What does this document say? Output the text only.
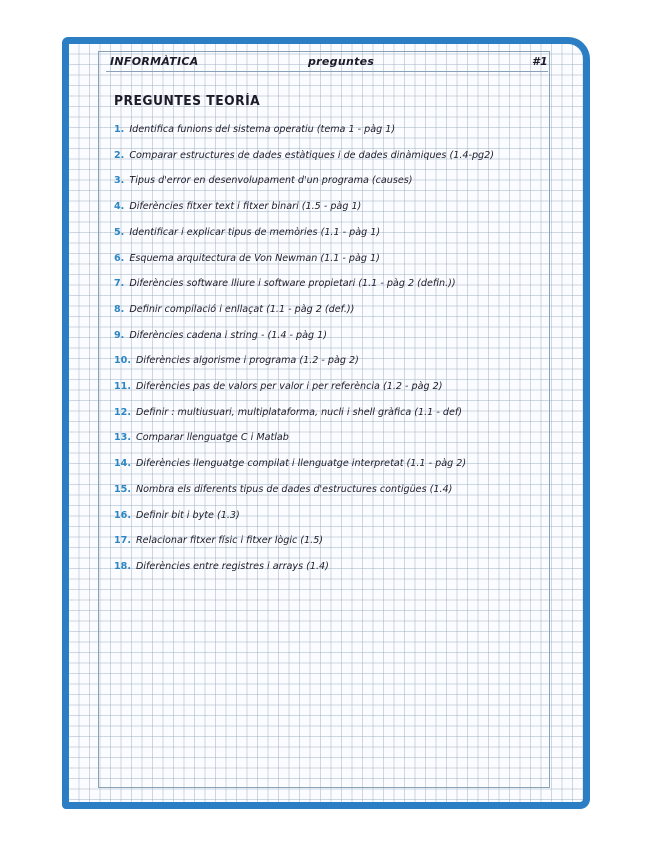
INFORMÀTICA	preguntes	#1
PREGUNTES TEORÍA
1. Identifica funions del sistema operatiu (tema 1 - pàg 1)
2. Comparar estructures de dades estàtiques i de dades dinàmiques (1.4-pg2)
3. Tipus d'error en desenvolupament d'un programa (causes)
4. Diferències fitxer text i fitxer binari (1.5 - pàg 1)
5. Identificar i explicar tipus de memòries (1.1 - pàg 1)
6. Esquema arquitectura de Von Newman (1.1 - pàg 1)
7. Diferències software lliure i software propietari (1.1 - pàg 2 (defin.))
8. Definir compilació i enllaçat (1.1 - pàg 2 (def.))
9. Diferències cadena i string - (1.4 - pàg 1)
10. Diferències algorisme i programa (1.2 - pàg 2)
11. Diferències pas de valors per valor i per referència (1.2 - pàg 2)
12. Definir : multiusuari, multiplataforma, nucli i shell gràfica (1.1 - def)
13. Comparar llenguatge C i Matlab
14. Diferències llenguatge compilat i llenguatge interpretat (1.1 - pàg 2)
15. Nombra els diferents tipus de dades d'estructures contigües (1.4)
16. Definir bit i byte (1.3)
17. Relacionar fitxer físic i fitxer lògic (1.5)
18. Diferències entre registres i arrays (1.4)
